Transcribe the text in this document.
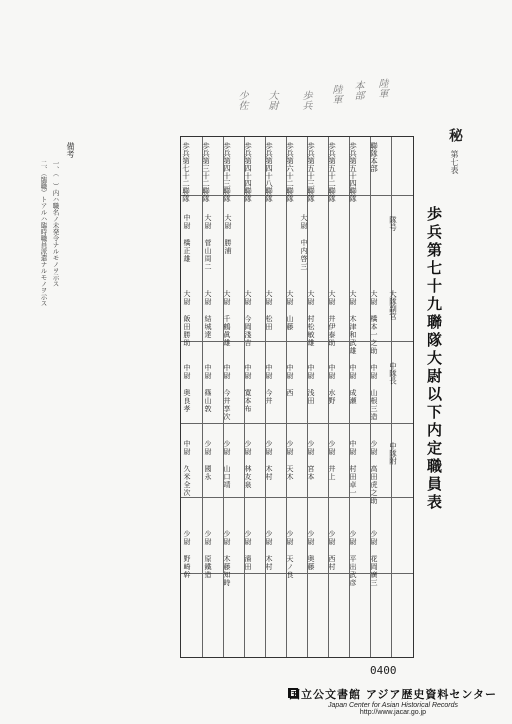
陸軍
本部
陸軍
歩兵
大尉
少佐
秘
第七表
歩兵第七十九聯隊大尉以下内定職員表
隊号
大隊副官
中隊長
中隊附
聯隊本部
歩兵第五十四聯隊
歩兵第五十二聯隊
歩兵第五十三聯隊
歩兵第六十二聯隊
歩兵第四十八聯隊
歩兵第四十四聯隊
歩兵第四十三聯隊
歩兵第三十二聯隊
歩兵第七十二聯隊
大尉 中内啓三
大尉 勝浦
大尉 菅山周二
中尉 橋正雄
大尉 橋本一之助
大尉 木津和武雄
大尉 井伊泰助
大尉 村松敏雄
大尉 松田
大尉 今岡淺吉
大尉 千鶴眞雄
大尉 結城達
大尉 飯田勝助
中尉 山根三造
中尉 成瀬
中尉 水野
中尉 浅田
中尉 西
中尉 今井
中尉 寛本布
中尉 今井享次
中尉 篠山敦
中尉 奥良孝
少尉 高田虎之助
中尉 村田卓一
少尉 井上
少尉 宮本
少尉 天木
少尉 木村
少尉 林友泉
少尉 山口靖
少尉 國永
中尉 久米全次
少尉 花岡廣三
少尉 平出武彦
少尉 西村
少尉 奥藤
少尉 天ノ良
少尉 木村
少尉 濱田
少尉 木藤知時
少尉 原鐵造
少尉 野崎幹
大尉 山藤
備考
一、（　）内ハ職名ノ未発令ナルモノヲ示ス
二、（臨職）トアルハ臨時職員派遣ナルモノヲ示ス
0400
国立公文書館 アジア歴史資料センター
Japan Center for Asian Historical Records
http://www.jacar.go.jp
